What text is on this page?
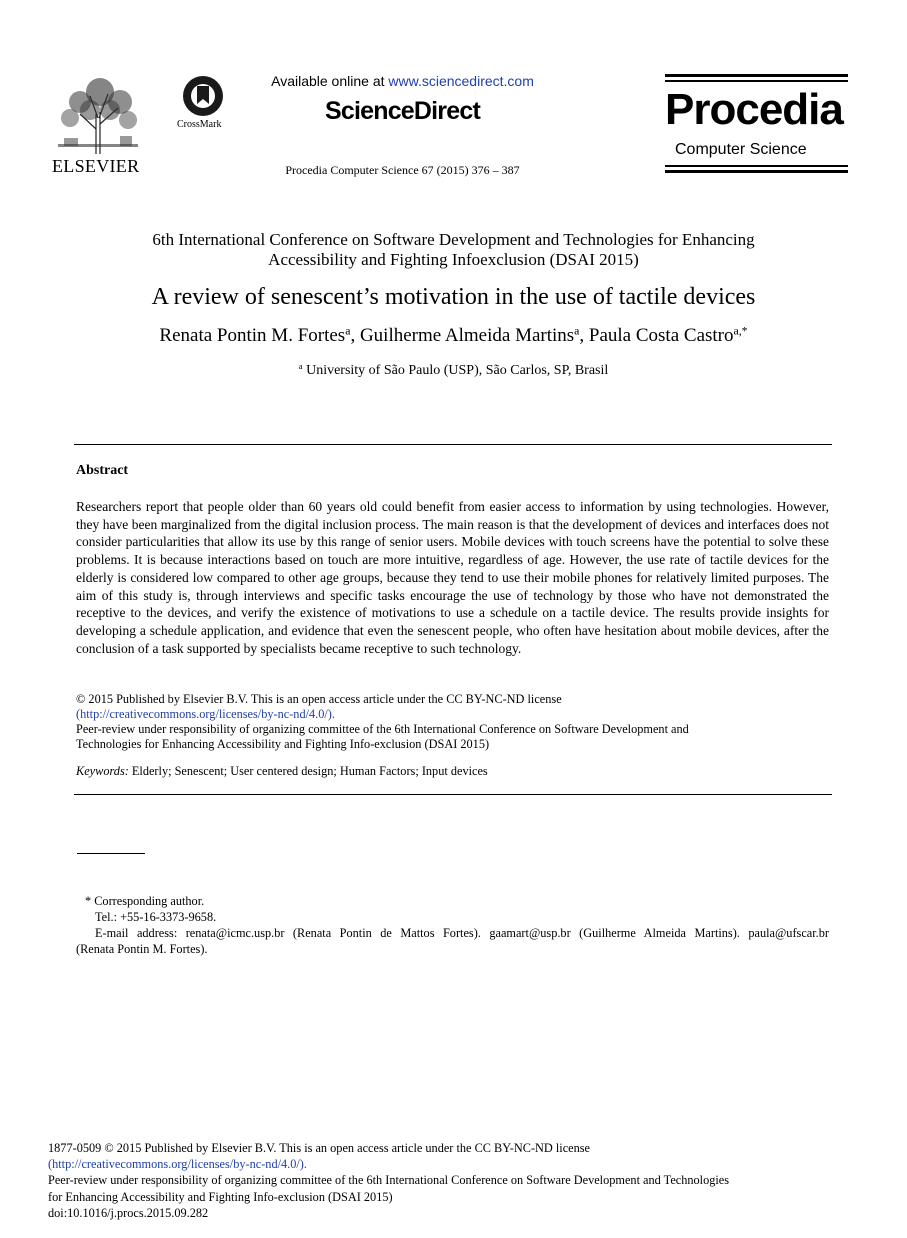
ELSEVIER
CrossMark
Available online at www.sciencedirect.com
ScienceDirect
Procedia Computer Science 67 (2015) 376 – 387
Procedia
Computer Science
6th International Conference on Software Development and Technologies for Enhancing
Accessibility and Fighting Infoexclusion (DSAI 2015)
A review of senescent’s motivation in the use of tactile devices
Renata Pontin M. Fortes$^a$, Guilherme Almeida Martins$^a$, Paula Costa Castro$^{a,*}$
$^a$ University of São Paulo (USP), São Carlos, SP, Brasil
Abstract
Researchers report that people older than 60 years old could benefit from easier access to information by using technologies. However, they have been marginalized from the digital inclusion process. The main reason is that the development of devices and interfaces does not consider particularities that allow its use by this range of senior users. Mobile devices with touch screens have the potential to solve these problems. It is because interactions based on touch are more intuitive, regardless of age. However, the use rate of tactile devices for the elderly is considered low compared to other age groups, because they tend to use their mobile phones for relatively limited purposes. The aim of this study is, through interviews and specific tasks encourage the use of technology by those who have not demonstrated the receptive to the devices, and verify the existence of motivations to use a schedule on a tactile device. The results provide insights for developing a schedule application, and evidence that even the senescent people, who often have hesitation about mobile devices, after the conclusion of a task supported by specialists became receptive to such technology.
© 2015 Published by Elsevier B.V. This is an open access article under the CC BY-NC-ND license
(http://creativecommons.org/licenses/by-nc-nd/4.0/).
Peer-review under responsibility of organizing committee of the 6th International Conference on Software Development and
Technologies for Enhancing Accessibility and Fighting Info-exclusion (DSAI 2015)
Keywords: Elderly; Senescent; User centered design; Human Factors; Input devices
* Corresponding author.
Tel.: +55-16-3373-9658.
E-mail address: renata@icmc.usp.br (Renata Pontin de Mattos Fortes). gaamart@usp.br (Guilherme Almeida Martins). paula@ufscar.br
(Renata Pontin M. Fortes).
1877-0509 © 2015 Published by Elsevier B.V. This is an open access article under the CC BY-NC-ND license
(http://creativecommons.org/licenses/by-nc-nd/4.0/).
Peer-review under responsibility of organizing committee of the 6th International Conference on Software Development and Technologies
for Enhancing Accessibility and Fighting Info-exclusion (DSAI 2015)
doi:10.1016/j.procs.2015.09.282
